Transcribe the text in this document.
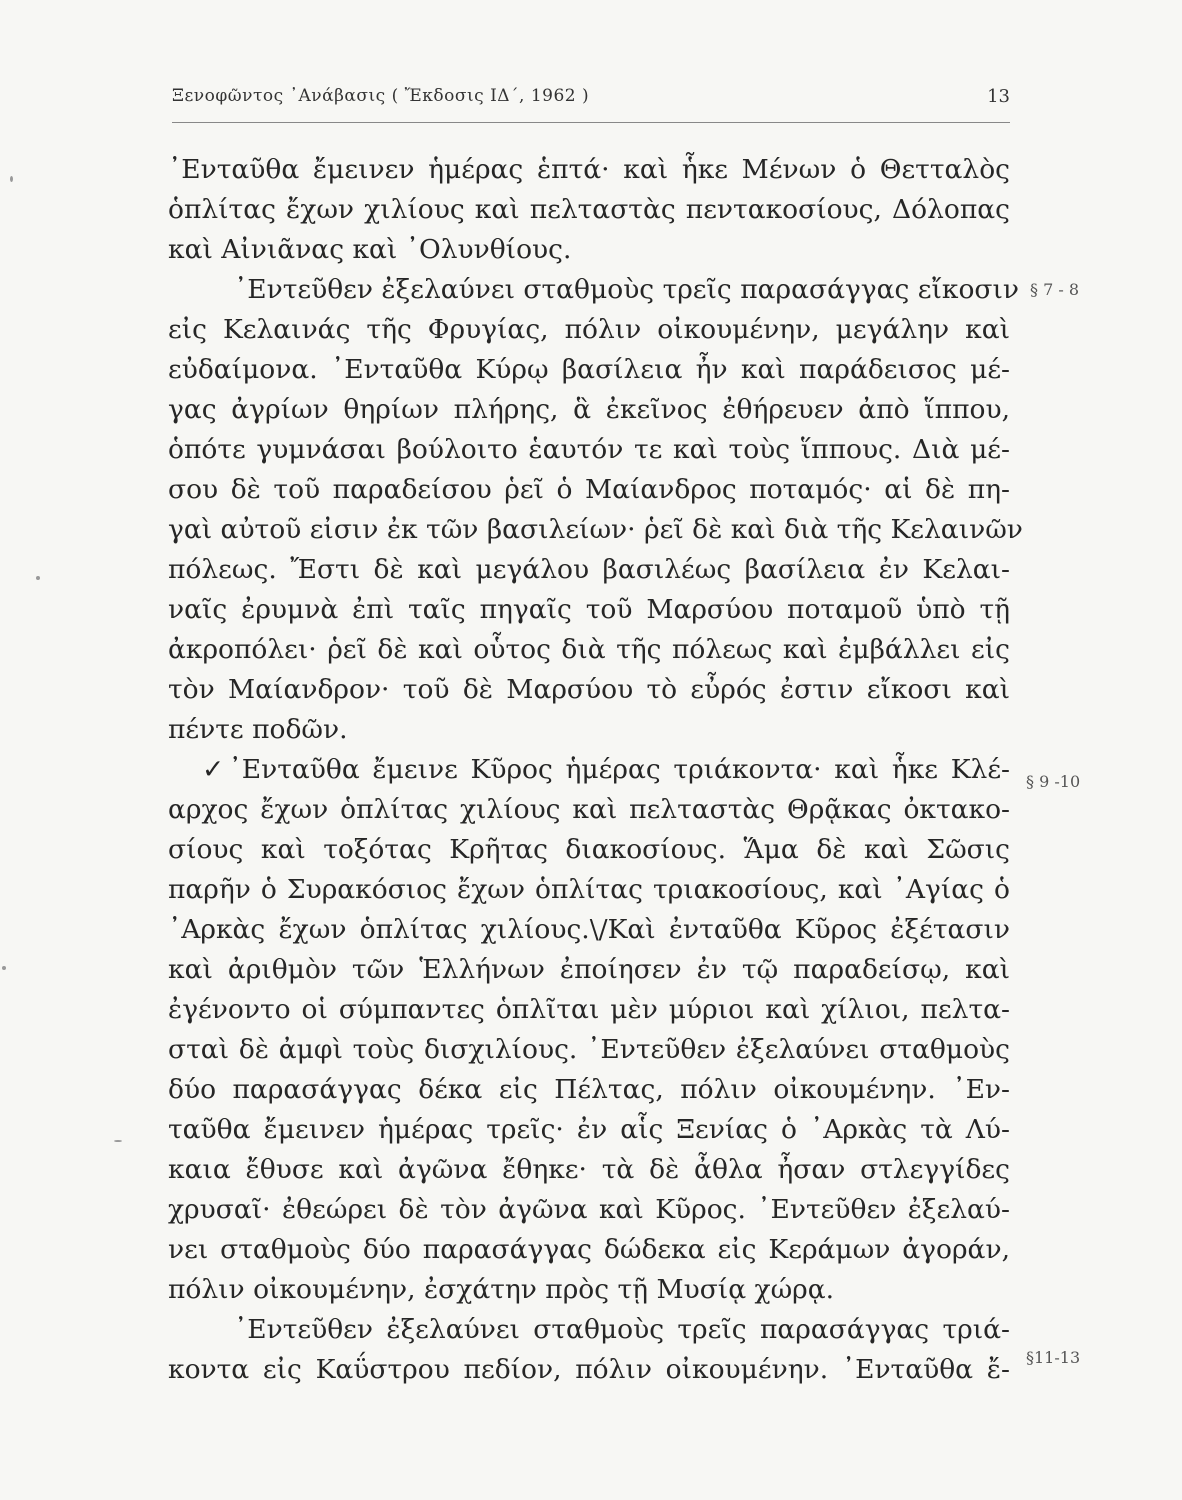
Ξενοφῶντος ᾿Ανάβασις ( Ἔκδοσις ΙΔ΄, 1962 )	13
᾿Ενταῦθα ἔμεινεν ἡμέρας ἑπτά· καὶ ἧκε Μένων ὁ Θετταλὸς
ὁπλίτας ἔχων χιλίους καὶ πελταστὰς πεντακοσίους, Δόλοπας
καὶ Αἰνιᾶνας καὶ ᾿Ολυνθίους.
᾿Εντεῦθεν ἐξελαύνει σταθμοὺς τρεῖς παρασάγγας εἴκοσιν
εἰς Κελαινάς τῆς Φρυγίας, πόλιν οἰκουμένην, μεγάλην καὶ
εὐδαίμονα. ᾿Ενταῦθα Κύρῳ βασίλεια ἦν καὶ παράδεισος μέ-
γας ἀγρίων θηρίων πλήρης, ἃ ἐκεῖνος ἐθήρευεν ἀπὸ ἵππου,
ὁπότε γυμνάσαι βούλοιτο ἑαυτόν τε καὶ τοὺς ἵππους. Διὰ μέ-
σου δὲ τοῦ παραδείσου ῥεῖ ὁ Μαίανδρος ποταμός· αἱ δὲ πη-
γαὶ αὐτοῦ εἰσιν ἐκ τῶν βασιλείων· ῥεῖ δὲ καὶ διὰ τῆς Κελαινῶν
πόλεως. Ἔστι δὲ καὶ μεγάλου βασιλέως βασίλεια ἐν Κελαι-
ναῖς ἐρυμνὰ ἐπὶ ταῖς πηγαῖς τοῦ Μαρσύου ποταμοῦ ὑπὸ τῇ
ἀκροπόλει· ῥεῖ δὲ καὶ οὗτος διὰ τῆς πόλεως καὶ ἐμβάλλει εἰς
τὸν Μαίανδρον· τοῦ δὲ Μαρσύου τὸ εὖρός ἐστιν εἴκοσι καὶ
πέντε ποδῶν.
✓᾿Ενταῦθα ἔμεινε Κῦρος ἡμέρας τριάκοντα· καὶ ἧκε Κλέ-
αρχος ἔχων ὁπλίτας χιλίους καὶ πελταστὰς Θρᾷκας ὀκτακο-
σίους καὶ τοξότας Κρῆτας διακοσίους. Ἅμα δὲ καὶ Σῶσις
παρῆν ὁ Συρακόσιος ἔχων ὁπλίτας τριακοσίους, καὶ ᾿Αγίας ὁ
᾿Αρκὰς ἔχων ὁπλίτας χιλίους.\/Καὶ ἐνταῦθα Κῦρος ἐξέτασιν
καὶ ἀριθμὸν τῶν Ἑλλήνων ἐποίησεν ἐν τῷ παραδείσῳ, καὶ
ἐγένοντο οἱ σύμπαντες ὁπλῖται μὲν μύριοι καὶ χίλιοι, πελτα-
σταὶ δὲ ἀμφὶ τοὺς δισχιλίους. ᾿Εντεῦθεν ἐξελαύνει σταθμοὺς
δύο παρασάγγας δέκα εἰς Πέλτας, πόλιν οἰκουμένην. ᾿Εν-
ταῦθα ἔμεινεν ἡμέρας τρεῖς· ἐν αἷς Ξενίας ὁ ᾿Αρκὰς τὰ Λύ-
καια ἔθυσε καὶ ἀγῶνα ἔθηκε· τὰ δὲ ἆθλα ἦσαν στλεγγίδες
χρυσαῖ· ἐθεώρει δὲ τὸν ἀγῶνα καὶ Κῦρος. ᾿Εντεῦθεν ἐξελαύ-
νει σταθμοὺς δύο παρασάγγας δώδεκα εἰς Κεράμων ἀγοράν,
πόλιν οἰκουμένην, ἐσχάτην πρὸς τῇ Μυσίᾳ χώρᾳ.
᾿Εντεῦθεν ἐξελαύνει σταθμοὺς τρεῖς παρασάγγας τριά-
κοντα εἰς Καΰστρου πεδίον, πόλιν οἰκουμένην. ᾿Ενταῦθα ἔ-
§ 7 - 8
§ 9 -10
§11-13
